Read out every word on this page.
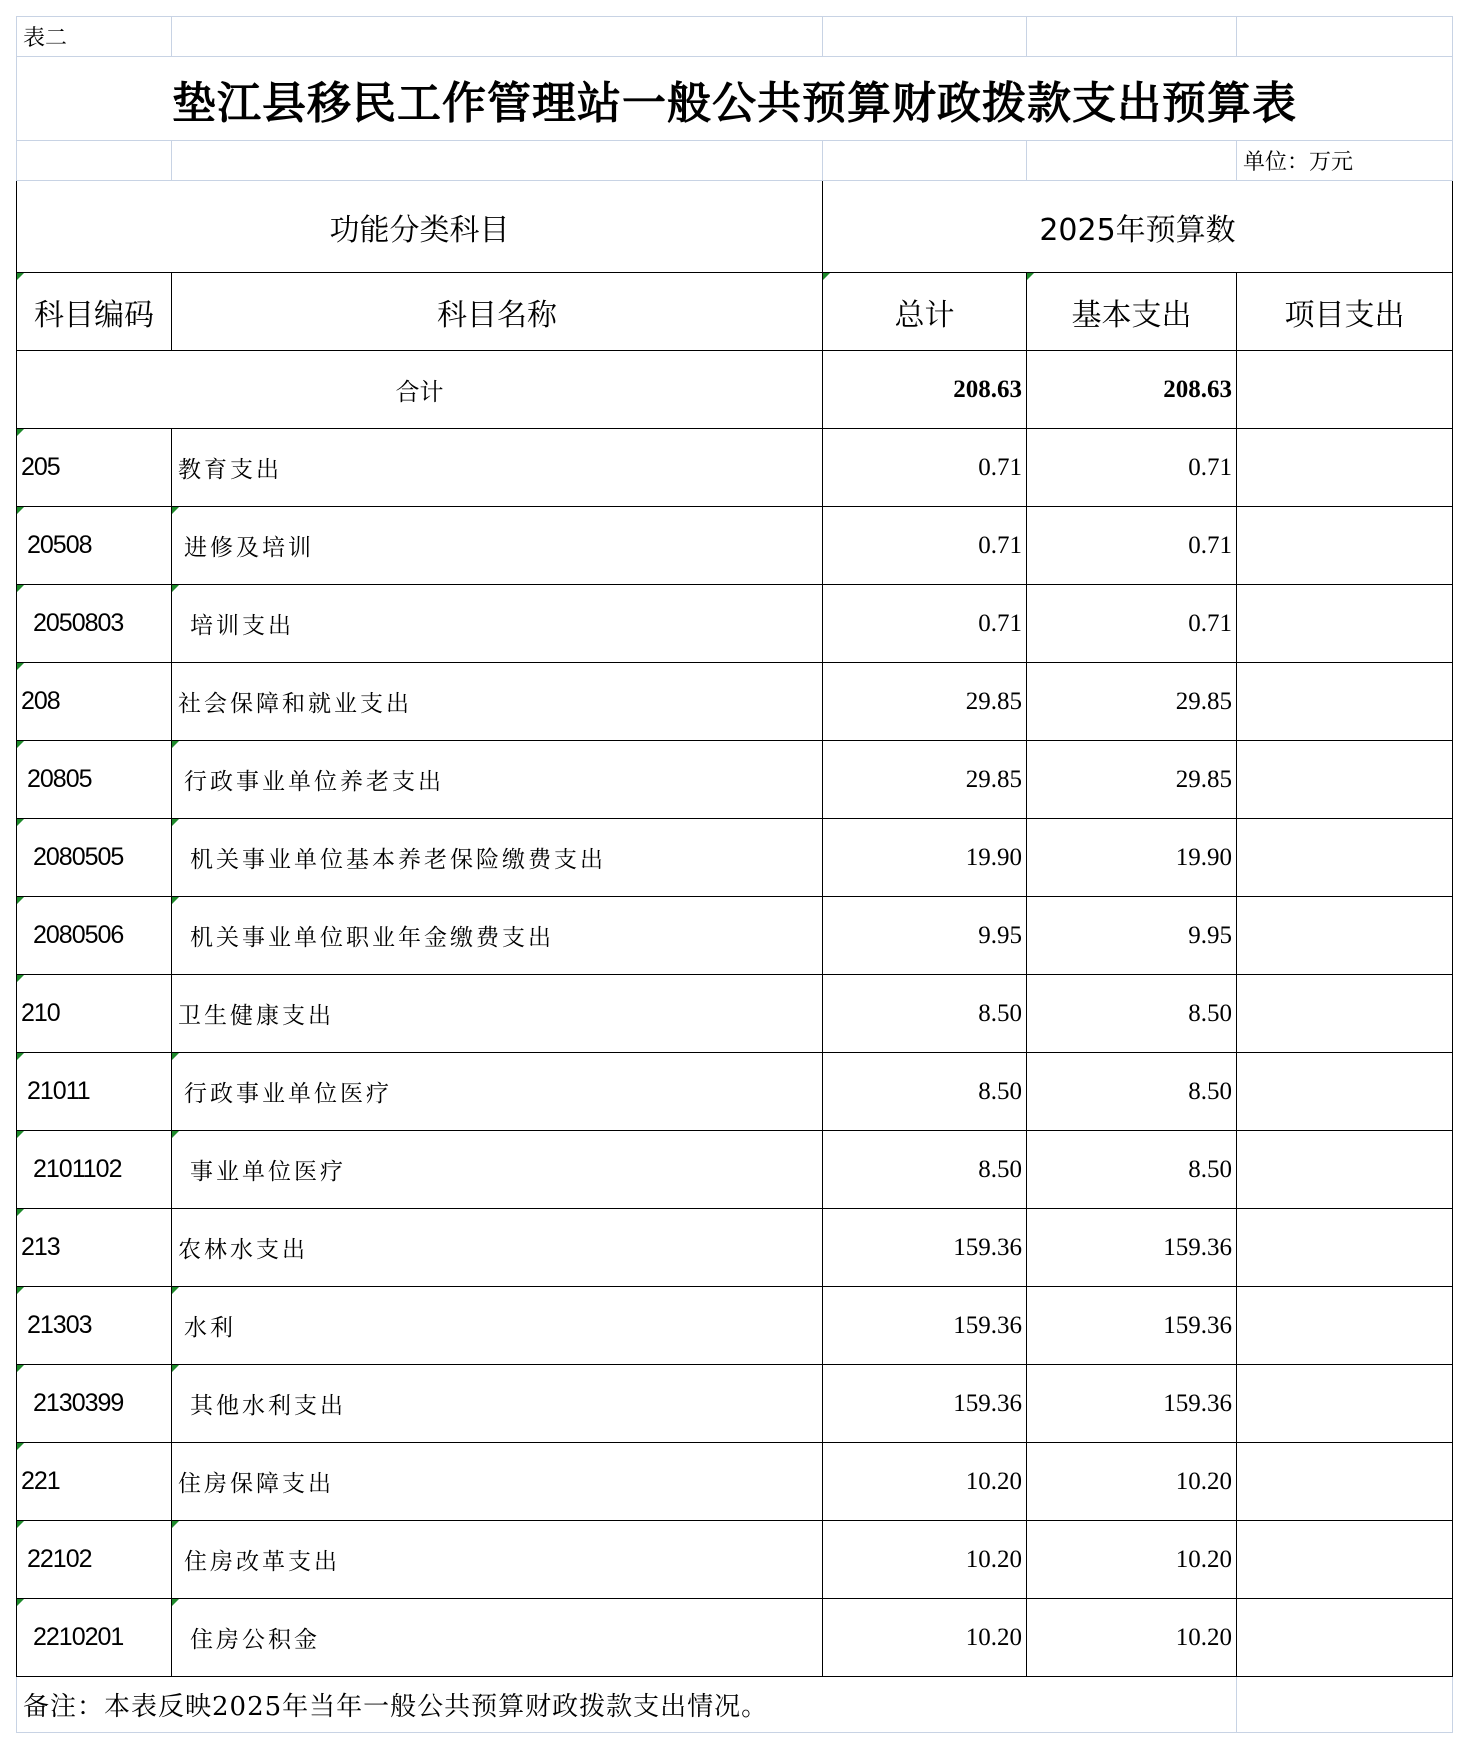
表二				
垫江县移民工作管理站一般公共预算财政拨款支出预算表				
				单位：万元
功能分类科目		2025年预算数		
科目编码	科目名称	总计	基本支出	项目支出
合计		208.63	208.63	
205	教育支出	0.71	0.71	
20508	进修及培训	0.71	0.71	
2050803	培训支出	0.71	0.71	
208	社会保障和就业支出	29.85	29.85	
20805	行政事业单位养老支出	29.85	29.85	
2080505	机关事业单位基本养老保险缴费支出	19.90	19.90	
2080506	机关事业单位职业年金缴费支出	9.95	9.95	
210	卫生健康支出	8.50	8.50	
21011	行政事业单位医疗	8.50	8.50	
2101102	事业单位医疗	8.50	8.50	
213	农林水支出	159.36	159.36	
21303	水利	159.36	159.36	
2130399	其他水利支出	159.36	159.36	
221	住房保障支出	10.20	10.20	
22102	住房改革支出	10.20	10.20	
2210201	住房公积金	10.20	10.20	
备注：本表反映2025年当年一般公共预算财政拨款支出情况。				
